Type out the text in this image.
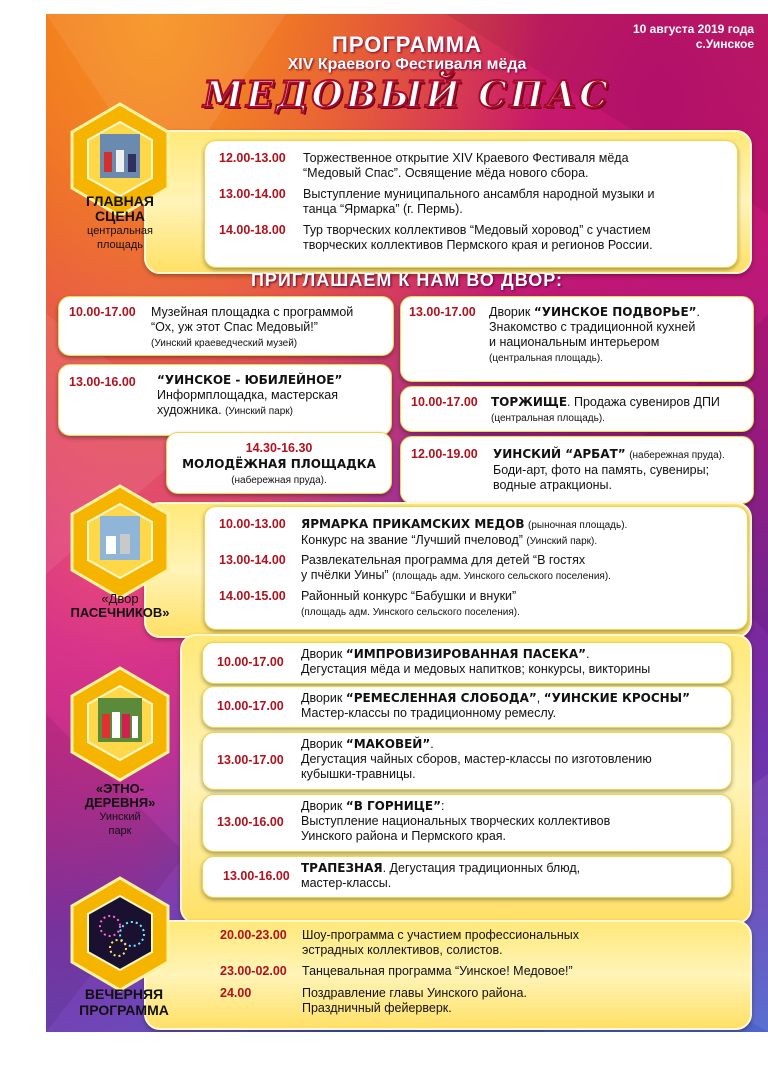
10 августа 2019 года
с.Уинское
ПРОГРАММА
XIV Краевого Фестиваля мёда
МЕДОВЫЙ СПАС
12.00-13.00 Торжественное открытие XIV Краевого Фестиваля мёда
“Медовый Спас”. Освящение мёда нового сбора.
13.00-14.00 Выступление муниципального ансамбля народной музыки и
танца “Ярмарка” (г. Пермь).
14.00-18.00 Тур творческих коллективов “Медовый хоровод” с участием
творческих коллективов Пермского края и регионов России.
ГЛАВНАЯ СЦЕНА
центральная площадь
ПРИГЛАШАЕМ К НАМ ВО ДВОР:
10.00-17.00 Музейная площадка с программой
“Ох, уж этот Спас Медовый!”
(Уинский краеведческий музей)
13.00-16.00 “УИНСКОЕ - ЮБИЛЕЙНОЕ”
Информплощадка, мастерская
художника. (Уинский парк)
14.30-16.30
МОЛОДЁЖНАЯ ПЛОЩАДКА
(набережная пруда).
13.00-17.00 Дворик “УИНСКОЕ ПОДВОРЬЕ”.
Знакомство с традиционной кухней
и национальным интерьером
(центральная площадь).
10.00-17.00 ТОРЖИЩЕ. Продажа сувениров ДПИ
(центральная площадь).
12.00-19.00 УИНСКИЙ “АРБАТ” (набережная пруда).
Боди-арт, фото на память, сувениры;
водные атракционы.
10.00-13.00 ЯРМАРКА ПРИКАМСКИХ МЕДОВ (рыночная площадь).
Конкурс на звание “Лучший пчеловод” (Уинский парк).
13.00-14.00 Развлекательная программа для детей “В гостях
у пчёлки Уины” (площадь адм. Уинского сельского поселения).
14.00-15.00 Районный конкурс “Бабушки и внуки”
(площадь адм. Уинского сельского поселения).
«Двор
ПАСЕЧНИКОВ»
10.00-17.00
Дворик “ИМПРОВИЗИРОВАННАЯ ПАСЕКА”.
Дегустация мёда и медовых напитков; конкурсы, викторины
10.00-17.00
Дворик “РЕМЕСЛЕННАЯ СЛОБОДА”, “УИНСКИЕ КРОСНЫ”
Мастер-классы по традиционному ремеслу.
13.00-17.00
Дворик “МАКОВЕЙ”.
Дегустация чайных сборов, мастер-классы по изготовлению
кубышки-травницы.
13.00-16.00
Дворик “В ГОРНИЦЕ”:
Выступление национальных творческих коллективов
Уинского района и Пермского края.
13.00-16.00
ТРАПЕЗНАЯ. Дегустация традиционных блюд,
мастер-классы.
«ЭТНО-
ДЕРЕВНЯ»
Уинский
парк
20.00-23.00 Шоу-программа с участием профессиональных
эстрадных коллективов, солистов.
23.00-02.00 Танцевальная программа “Уинское! Медовое!”
24.00	Поздравление главы Уинского района.
Праздничный фейерверк.
ВЕЧЕРНЯЯ
ПРОГРАММА
